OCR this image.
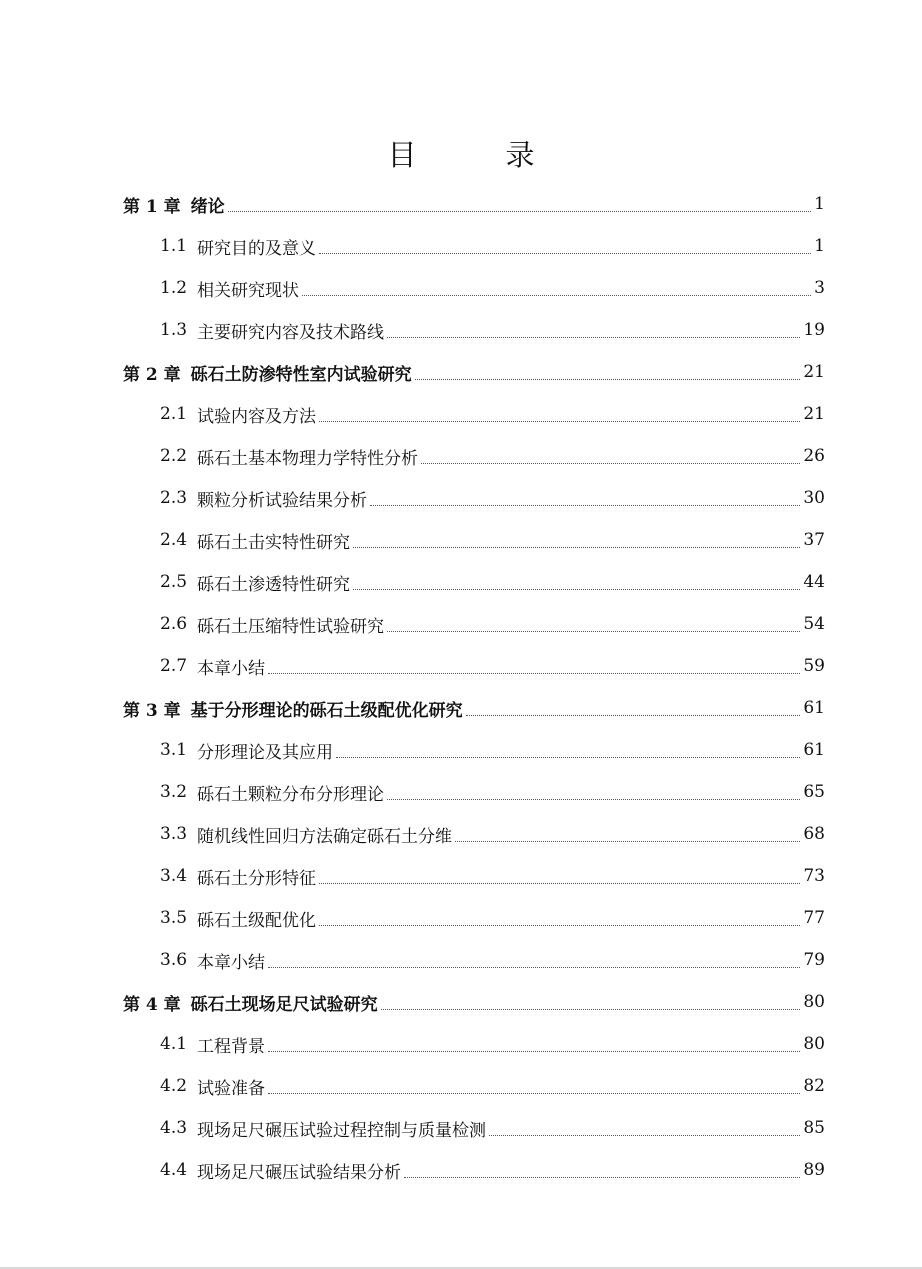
目　录
第 1 章 绪论	1
1.1 研究目的及意义	1
1.2 相关研究现状	3
1.3 主要研究内容及技术路线	19
第 2 章 砾石土防渗特性室内试验研究	21
2.1 试验内容及方法	21
2.2 砾石土基本物理力学特性分析	26
2.3 颗粒分析试验结果分析	30
2.4 砾石土击实特性研究	37
2.5 砾石土渗透特性研究	44
2.6 砾石土压缩特性试验研究	54
2.7 本章小结	59
第 3 章 基于分形理论的砾石土级配优化研究	61
3.1 分形理论及其应用	61
3.2 砾石土颗粒分布分形理论	65
3.3 随机线性回归方法确定砾石土分维	68
3.4 砾石土分形特征	73
3.5 砾石土级配优化	77
3.6 本章小结	79
第 4 章 砾石土现场足尺试验研究	80
4.1 工程背景	80
4.2 试验准备	82
4.3 现场足尺碾压试验过程控制与质量检测	85
4.4 现场足尺碾压试验结果分析	89
